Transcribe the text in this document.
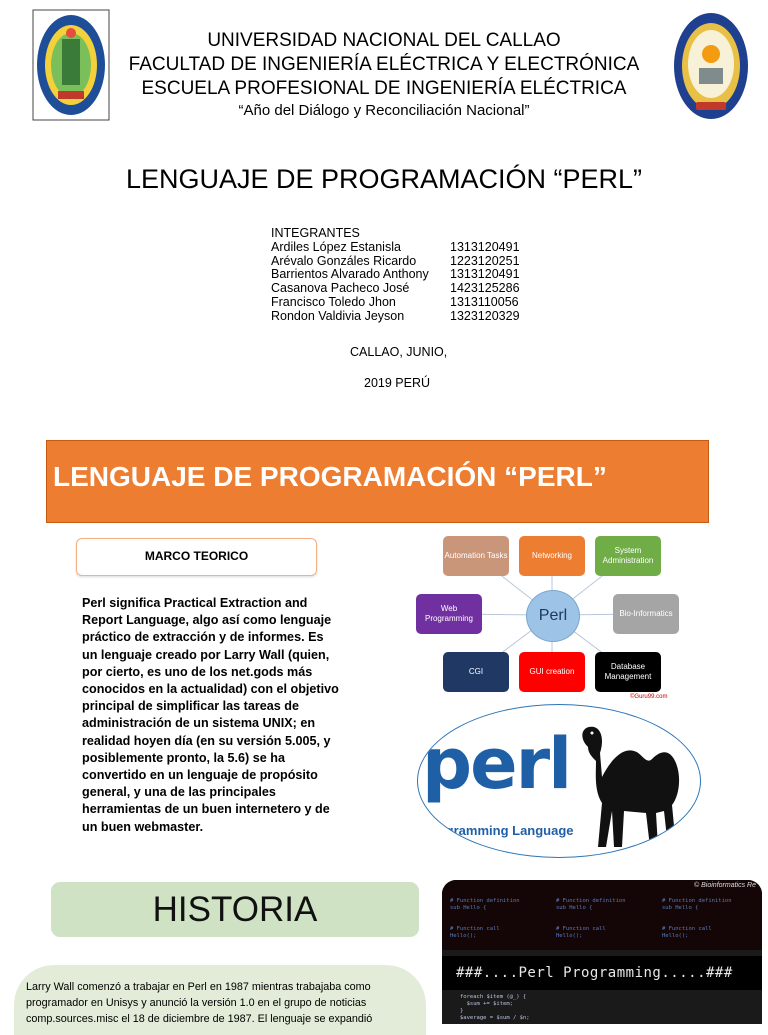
UNIVERSIDAD NACIONAL DEL CALLAO
FACULTAD DE INGENIERÍA ELÉCTRICA Y ELECTRÓNICA
ESCUELA PROFESIONAL DE INGENIERÍA ELÉCTRICA
“Año del Diálogo y Reconciliación Nacional”
LENGUAJE DE PROGRAMACIÓN “PERL”
INTEGRANTES
Ardiles López Estanisla	1313120491
Arévalo Gonzáles Ricardo	1223120251
Barrientos Alvarado Anthony	1313120491
Casanova Pacheco José	1423125286
Francisco Toledo Jhon	1313110056
Rondon Valdivia Jeyson	1323120329
CALLAO, JUNIO,
2019 PERÚ
LENGUAJE DE PROGRAMACIÓN “PERL”
MARCO TEORICO
Perl significa Practical Extraction and Report Language, algo así como lenguaje práctico de extracción y de informes. Es un lenguaje creado por Larry Wall (quien, por cierto, es uno de los net.gods más conocidos en la actualidad) con el objetivo principal de simplificar las tareas de administración de un sistema UNIX; en realidad hoyen día (en su versión 5.005, y posiblemente pronto, la 5.6) se ha convertido en un lenguaje de propósito general, y una de las principales herramientas de un buen internetero y de un buen webmaster.
Automation Tasks	Networking
System Administration
Web Programming	Perl	Bio-Informatics
CGI	GUI creation
Database Management
©Guru99.com
perl
Programming Language
HISTORIA

Larry Wall comenzó a trabajar en Perl en 1987 mientras trabajaba como programador en Unisys y anunció la versión 1.0 en el grupo de noticias comp.sources.misc el 18 de diciembre de 1987. El lenguaje se expandió

© Bioinformatics Re
# Function definition
sub Hello {

# Function call
Hello();
# Function definition
sub Hello {

# Function call
Hello();
# Function definition
sub Hello {

# Function call
Hello();
###....Perl Programming.....###
foreach $item (@_) {
$sum += $item;
}
$average = $sum / $n;
